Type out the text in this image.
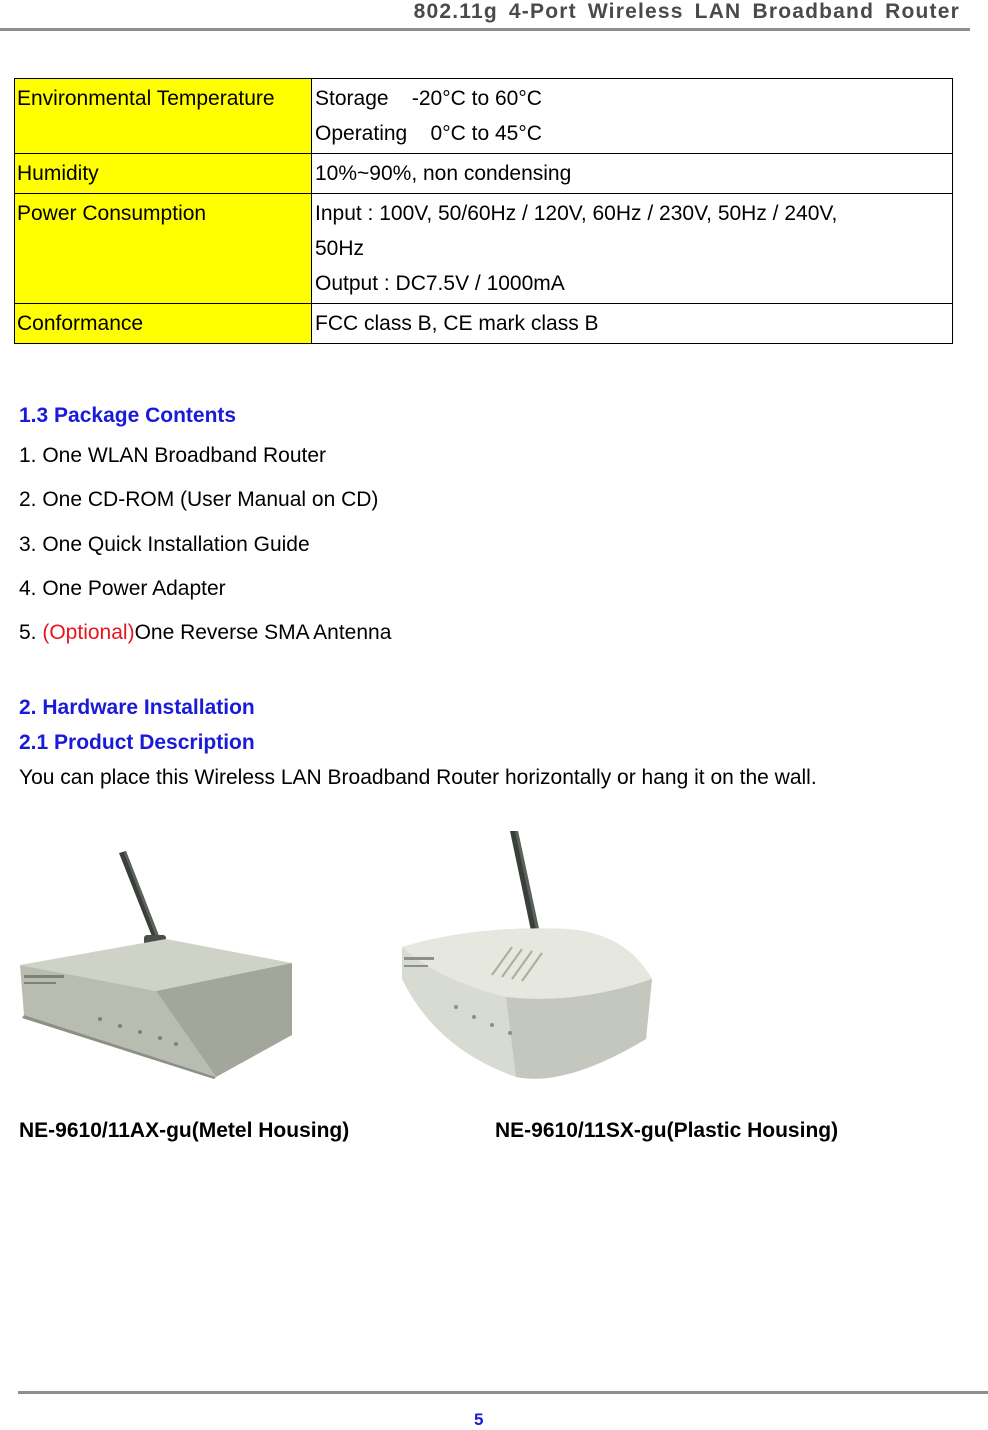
802.11g 4-Port Wireless LAN Broadband Router
Environmental Temperature	Storage    -20°C to 60°C
Operating    0°C to 45°C

Humidity	10%~90%, non condensing

Power Consumption	Input : 100V, 50/60Hz / 120V, 60Hz / 230V, 50Hz / 240V,
50Hz
Output : DC7.5V / 1000mA

Conformance	FCC class B, CE mark class B
1.3 Package Contents
1. One WLAN Broadband Router
2. One CD-ROM (User Manual on CD)
3. One Quick Installation Guide
4. One Power Adapter
5. (Optional)One Reverse SMA Antenna
2. Hardware Installation
2.1 Product Description
You can place this Wireless LAN Broadband Router horizontally or hang it on the wall.
NE-9610/11AX-gu(Metel Housing)	NE-9610/11SX-gu(Plastic Housing)
5
